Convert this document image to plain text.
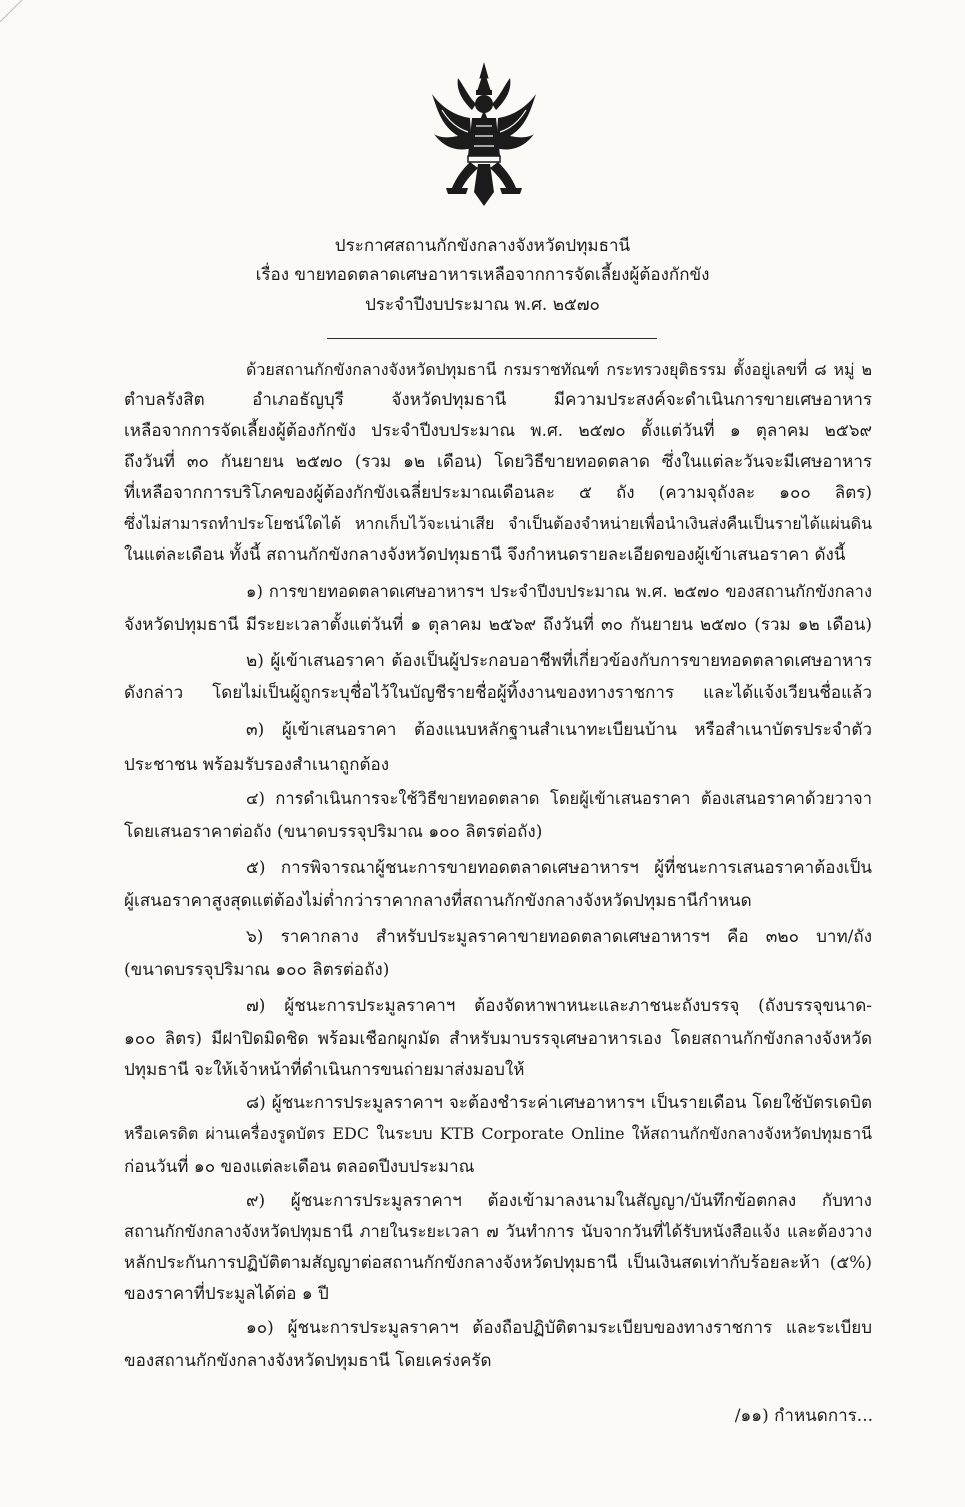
ประกาศสถานกักขังกลางจังหวัดปทุมธานี
เรื่อง ขายทอดตลาดเศษอาหารเหลือจากการจัดเลี้ยงผู้ต้องกักขัง
ประจำปีงบประมาณ พ.ศ. ๒๕๗๐
ด้วยสถานกักขังกลางจังหวัดปทุมธานี กรมราชทัณฑ์ กระทรวงยุติธรรม ตั้งอยู่เลขที่ ๘ หมู่ ๒
ตำบลรังสิต อำเภอธัญบุรี จังหวัดปทุมธานี มีความประสงค์จะดำเนินการขายเศษอาหาร
เหลือจากการจัดเลี้ยงผู้ต้องกักขัง ประจำปีงบประมาณ พ.ศ. ๒๕๗๐ ตั้งแต่วันที่ ๑ ตุลาคม ๒๕๖๙
ถึงวันที่ ๓๐ กันยายน ๒๕๗๐ (รวม ๑๒ เดือน) โดยวิธีขายทอดตลาด ซึ่งในแต่ละวันจะมีเศษอาหาร
ที่เหลือจากการบริโภคของผู้ต้องกักขังเฉลี่ยประมาณเดือนละ ๕ ถัง (ความจุถังละ ๑๐๐ ลิตร)
ซึ่งไม่สามารถทำประโยชน์ใดได้ หากเก็บไว้จะเน่าเสีย จำเป็นต้องจำหน่ายเพื่อนำเงินส่งคืนเป็นรายได้แผ่นดิน
ในแต่ละเดือน ทั้งนี้ สถานกักขังกลางจังหวัดปทุมธานี จึงกำหนดรายละเอียดของผู้เข้าเสนอราคา ดังนี้
๑) การขายทอดตลาดเศษอาหารฯ ประจำปีงบประมาณ พ.ศ. ๒๕๗๐ ของสถานกักขังกลาง
จังหวัดปทุมธานี มีระยะเวลาตั้งแต่วันที่ ๑ ตุลาคม ๒๕๖๙ ถึงวันที่ ๓๐ กันยายน ๒๕๗๐ (รวม ๑๒ เดือน)
๒) ผู้เข้าเสนอราคา ต้องเป็นผู้ประกอบอาชีพที่เกี่ยวข้องกับการขายทอดตลาดเศษอาหาร
ดังกล่าว โดยไม่เป็นผู้ถูกระบุชื่อไว้ในบัญชีรายชื่อผู้ทิ้งงานของทางราชการ และได้แจ้งเวียนชื่อแล้ว
๓) ผู้เข้าเสนอราคา ต้องแนบหลักฐานสำเนาทะเบียนบ้าน หรือสำเนาบัตรประจำตัว
ประชาชน พร้อมรับรองสำเนาถูกต้อง
๔) การดำเนินการจะใช้วิธีขายทอดตลาด โดยผู้เข้าเสนอราคา ต้องเสนอราคาด้วยวาจา
โดยเสนอราคาต่อถัง (ขนาดบรรจุปริมาณ ๑๐๐ ลิตรต่อถัง)
๕) การพิจารณาผู้ชนะการขายทอดตลาดเศษอาหารฯ ผู้ที่ชนะการเสนอราคาต้องเป็น
ผู้เสนอราคาสูงสุดแต่ต้องไม่ต่ำกว่าราคากลางที่สถานกักขังกลางจังหวัดปทุมธานีกำหนด
๖) ราคากลาง สำหรับประมูลราคาขายทอดตลาดเศษอาหารฯ คือ ๓๒๐ บาท/ถัง
(ขนาดบรรจุปริมาณ ๑๐๐ ลิตรต่อถัง)
๗) ผู้ชนะการประมูลราคาฯ ต้องจัดหาพาหนะและภาชนะถังบรรจุ (ถังบรรจุขนาด-
๑๐๐ ลิตร) มีฝาปิดมิดชิด พร้อมเชือกผูกมัด สำหรับมาบรรจุเศษอาหารเอง โดยสถานกักขังกลางจังหวัด
ปทุมธานี จะให้เจ้าหน้าที่ดำเนินการขนถ่ายมาส่งมอบให้
๘) ผู้ชนะการประมูลราคาฯ จะต้องชำระค่าเศษอาหารฯ เป็นรายเดือน โดยใช้บัตรเดบิต
หรือเครดิต ผ่านเครื่องรูดบัตร EDC ในระบบ KTB Corporate Online ให้สถานกักขังกลางจังหวัดปทุมธานี
ก่อนวันที่ ๑๐ ของแต่ละเดือน ตลอดปีงบประมาณ
๙) ผู้ชนะการประมูลราคาฯ ต้องเข้ามาลงนามในสัญญา/บันทึกข้อตกลง กับทาง
สถานกักขังกลางจังหวัดปทุมธานี ภายในระยะเวลา ๗ วันทำการ นับจากวันที่ได้รับหนังสือแจ้ง และต้องวาง
หลักประกันการปฏิบัติตามสัญญาต่อสถานกักขังกลางจังหวัดปทุมธานี เป็นเงินสดเท่ากับร้อยละห้า (๕%)
ของราคาที่ประมูลได้ต่อ ๑ ปี
๑๐) ผู้ชนะการประมูลราคาฯ ต้องถือปฏิบัติตามระเบียบของทางราชการ และระเบียบ
ของสถานกักขังกลางจังหวัดปทุมธานี โดยเคร่งครัด
/๑๑) กำหนดการ...
